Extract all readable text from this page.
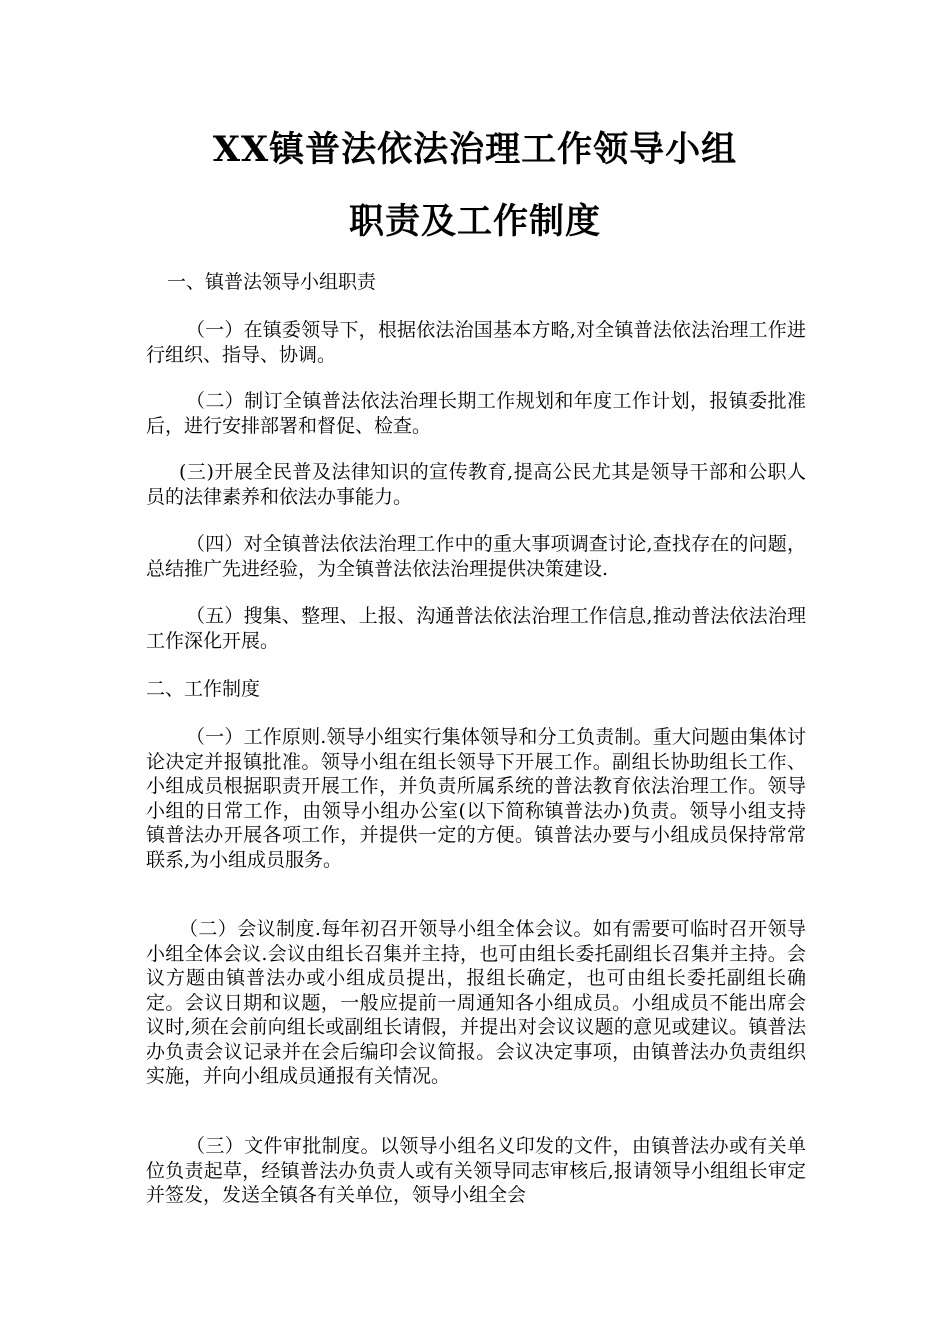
XX镇普法依法治理工作领导小组
职责及工作制度
一、镇普法领导小组职责
（一）在镇委领导下，根据依法治国基本方略,对全镇普法依法治理工作进行组织、指导、协调。
（二）制订全镇普法依法治理长期工作规划和年度工作计划，报镇委批准后，进行安排部署和督促、检查。
(三)开展全民普及法律知识的宣传教育,提高公民尤其是领导干部和公职人员的法律素养和依法办事能力。
（四）对全镇普法依法治理工作中的重大事项调查讨论,查找存在的问题，总结推广先进经验，为全镇普法依法治理提供决策建设.
（五）搜集、整理、上报、沟通普法依法治理工作信息,推动普法依法治理工作深化开展。
二、工作制度
（一）工作原则.领导小组实行集体领导和分工负责制。重大问题由集体讨论决定并报镇批准。领导小组在组长领导下开展工作。副组长协助组长工作、小组成员根据职责开展工作，并负责所属系统的普法教育依法治理工作。领导小组的日常工作，由领导小组办公室(以下简称镇普法办)负责。领导小组支持镇普法办开展各项工作，并提供一定的方便。镇普法办要与小组成员保持常常联系,为小组成员服务。
（二）会议制度.每年初召开领导小组全体会议。如有需要可临时召开领导小组全体会议.会议由组长召集并主持，也可由组长委托副组长召集并主持。会议方题由镇普法办或小组成员提出，报组长确定，也可由组长委托副组长确定。会议日期和议题，一般应提前一周通知各小组成员。小组成员不能出席会议时,须在会前向组长或副组长请假，并提出对会议议题的意见或建议。镇普法办负责会议记录并在会后编印会议简报。会议决定事项，由镇普法办负责组织实施，并向小组成员通报有关情况。
（三）文件审批制度。以领导小组名义印发的文件，由镇普法办或有关单位负责起草，经镇普法办负责人或有关领导同志审核后,报请领导小组组长审定并签发，发送全镇各有关单位，领导小组全会
